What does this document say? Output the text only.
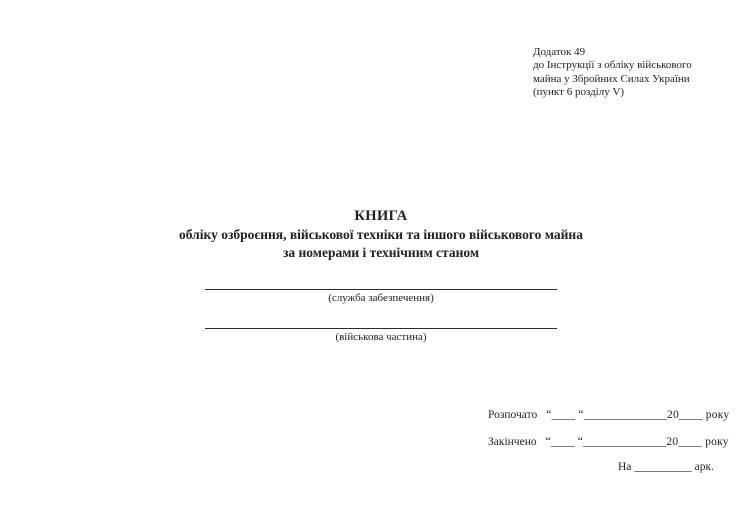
Додаток 49
до Інструкції з обліку військового
майна у Збройних Силах України
(пункт 6 розділу V)
КНИГА
обліку озброєння, військової техніки та іншого військового майна
за номерами і технічним станом
(служба забезпечення)
(військова частина)
Розпочато “____ “______________20____ року
Закінчено “____ “______________20____ року
На __________ арк.
